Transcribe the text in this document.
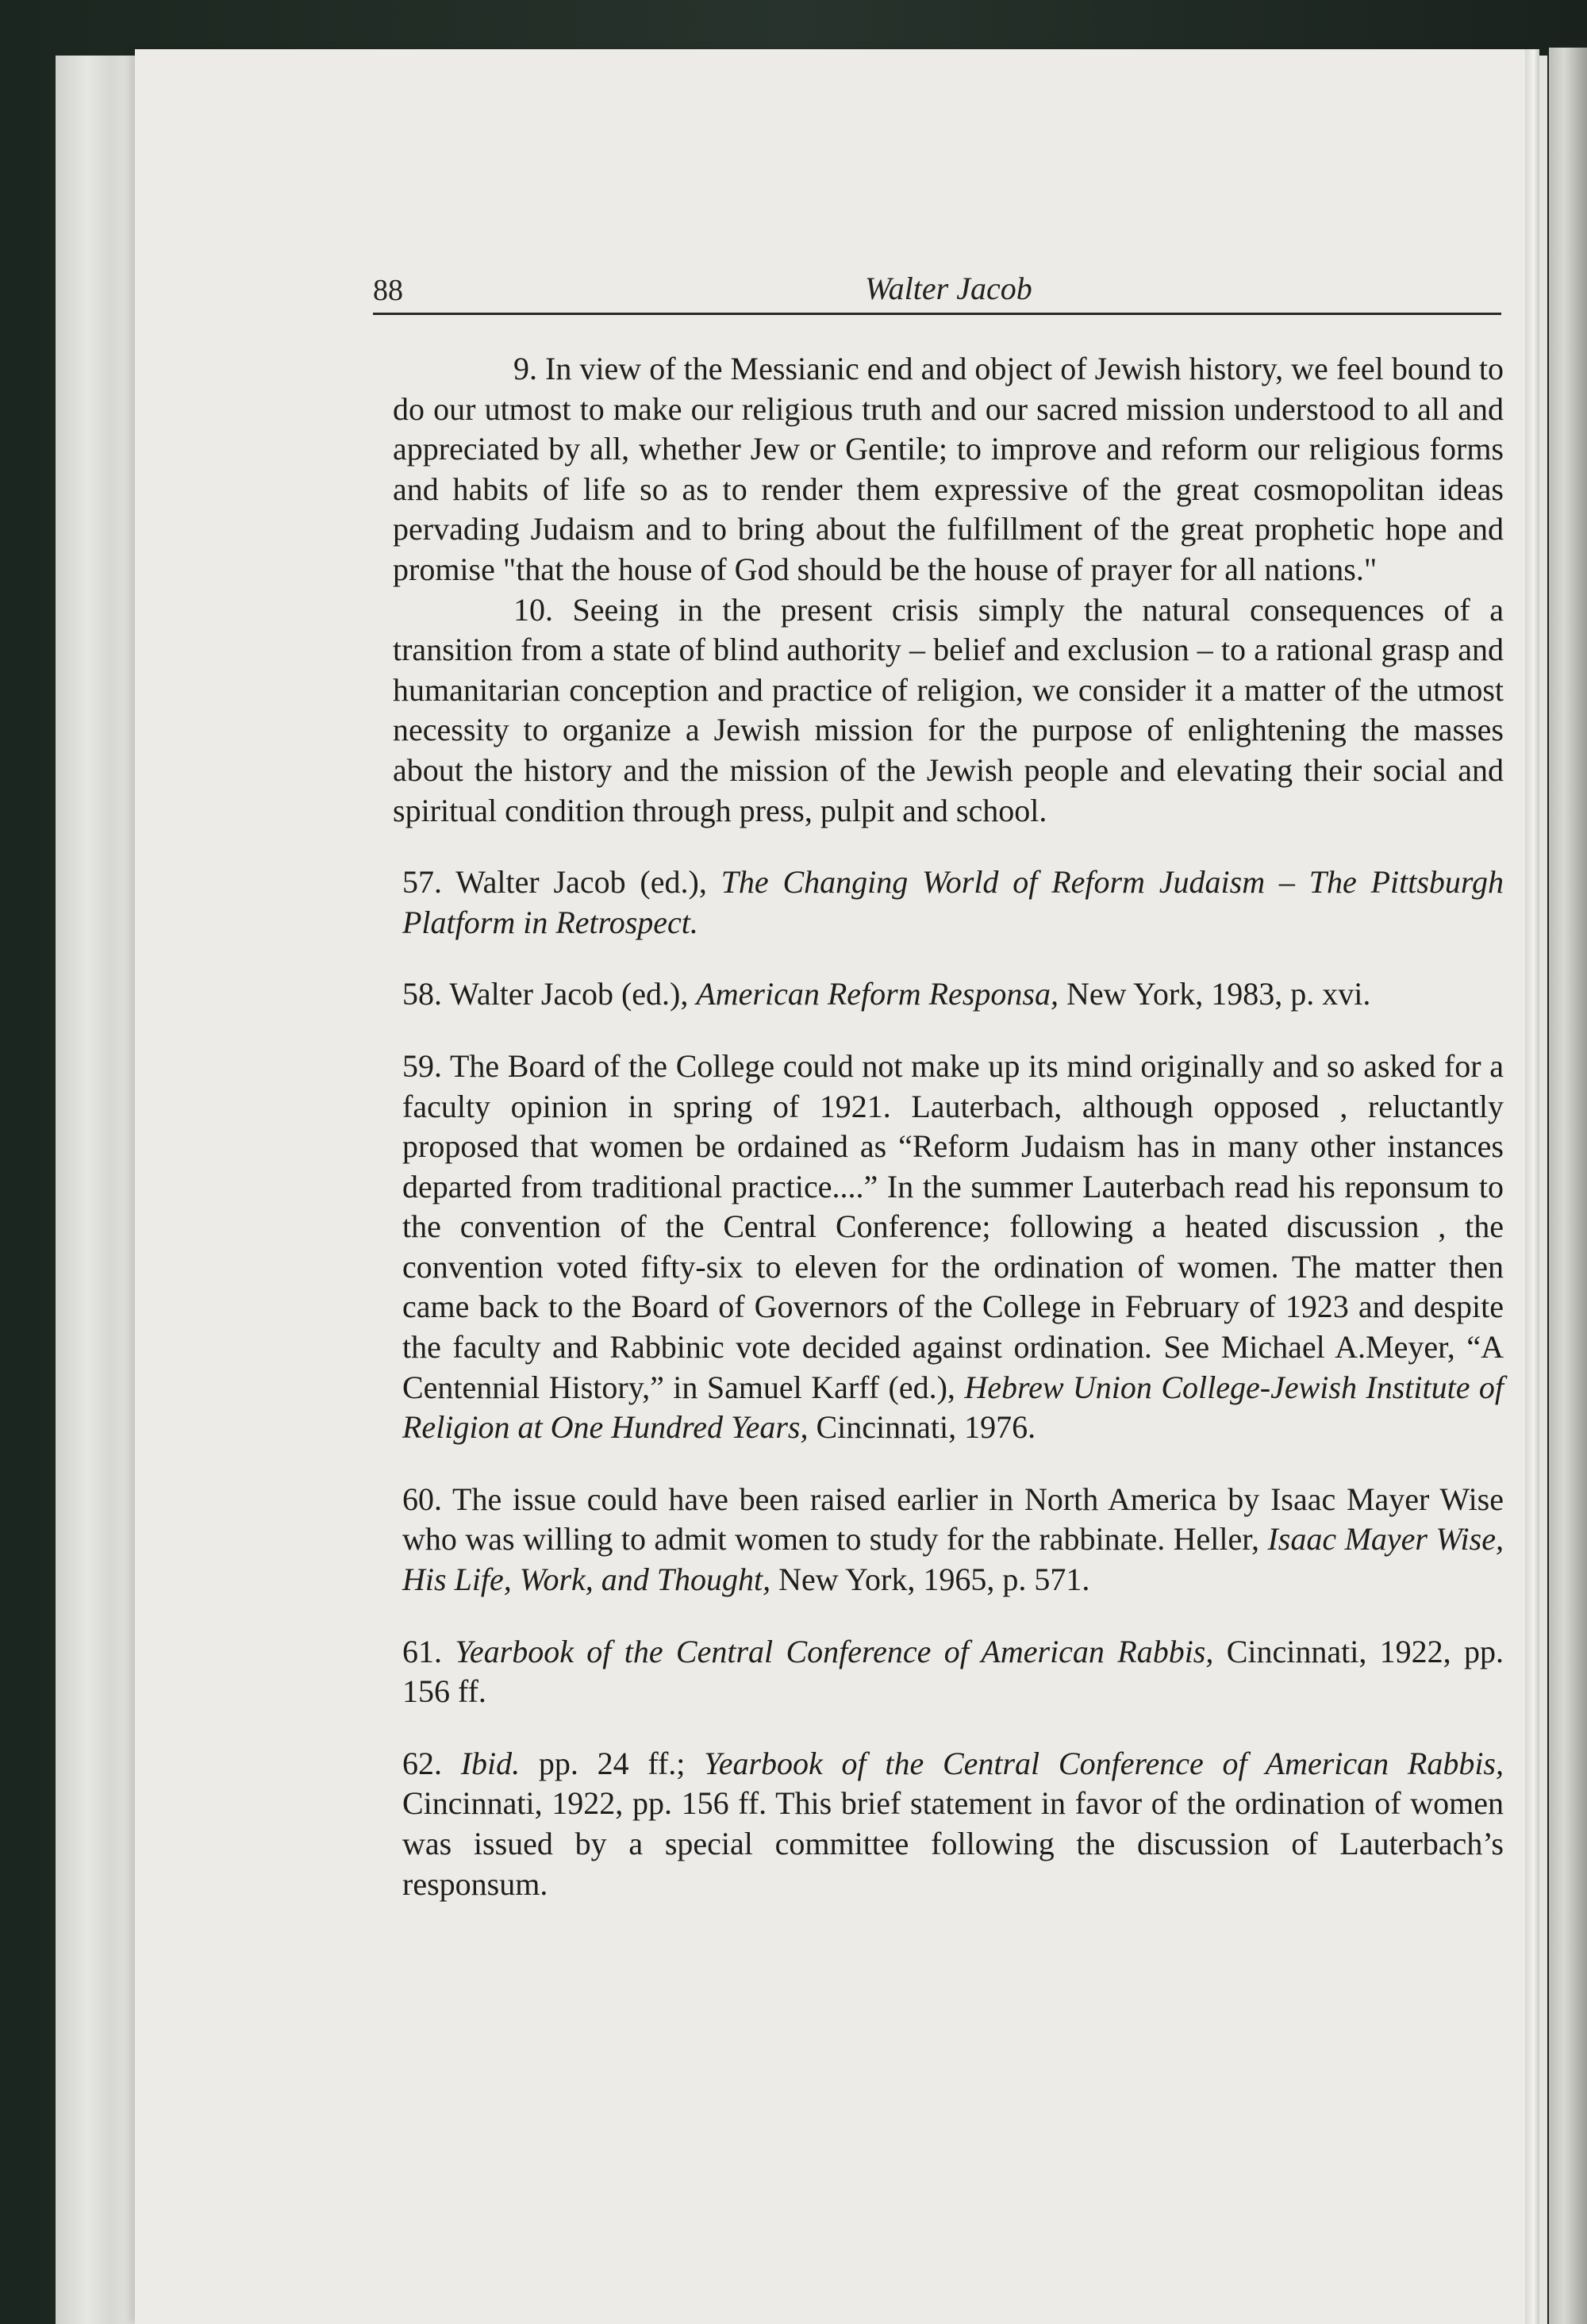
88	Walter Jacob

9. In view of the Messianic end and object of Jewish history, we feel bound to do our utmost to make our religious truth and our sacred mission understood to all and appreciated by all, whether Jew or Gentile; to improve and reform our religious forms and habits of life so as to render them expressive of the great cosmopolitan ideas pervading Judaism and to bring about the fulfillment of the great prophetic hope and promise "that the house of God should be the house of prayer for all nations."

10. Seeing in the present crisis simply the natural consequences of a transition from a state of blind authority – belief and exclusion – to a rational grasp and humanitarian conception and practice of religion, we consider it a matter of the utmost necessity to organize a Jewish mission for the purpose of enlightening the masses about the history and the mission of the Jewish people and elevating their social and spiritual condition through press, pulpit and school.

57. Walter Jacob (ed.), The Changing World of Reform Judaism – The Pittsburgh Platform in Retrospect.

58. Walter Jacob (ed.), American Reform Responsa, New York, 1983, p. xvi.

59. The Board of the College could not make up its mind originally and so asked for a faculty opinion in spring of 1921. Lauterbach, although opposed , reluctantly proposed that women be ordained as “Reform Judaism has in many other instances departed from traditional practice....” In the summer Lauterbach read his reponsum to the convention of the Central Conference; following a heated discussion , the convention voted fifty-six to eleven for the ordination of women. The matter then came back to the Board of Governors of the College in February of 1923 and despite the faculty and Rabbinic vote decided against ordination. See Michael A.Meyer, “A Centennial History,” in Samuel Karff (ed.), Hebrew Union College-Jewish Institute of Religion at One Hundred Years, Cincinnati, 1976.

60. The issue could have been raised earlier in North America by Isaac Mayer Wise who was willing to admit women to study for the rabbinate. Heller, Isaac Mayer Wise, His Life, Work, and Thought, New York, 1965, p. 571.

61. Yearbook of the Central Conference of American Rabbis, Cincinnati, 1922, pp. 156 ff.

62. Ibid. pp. 24 ff.; Yearbook of the Central Conference of American Rabbis, Cincinnati, 1922, pp. 156 ff. This brief statement in favor of the ordination of women was issued by a special committee following the discussion of Lauterbach’s responsum.
